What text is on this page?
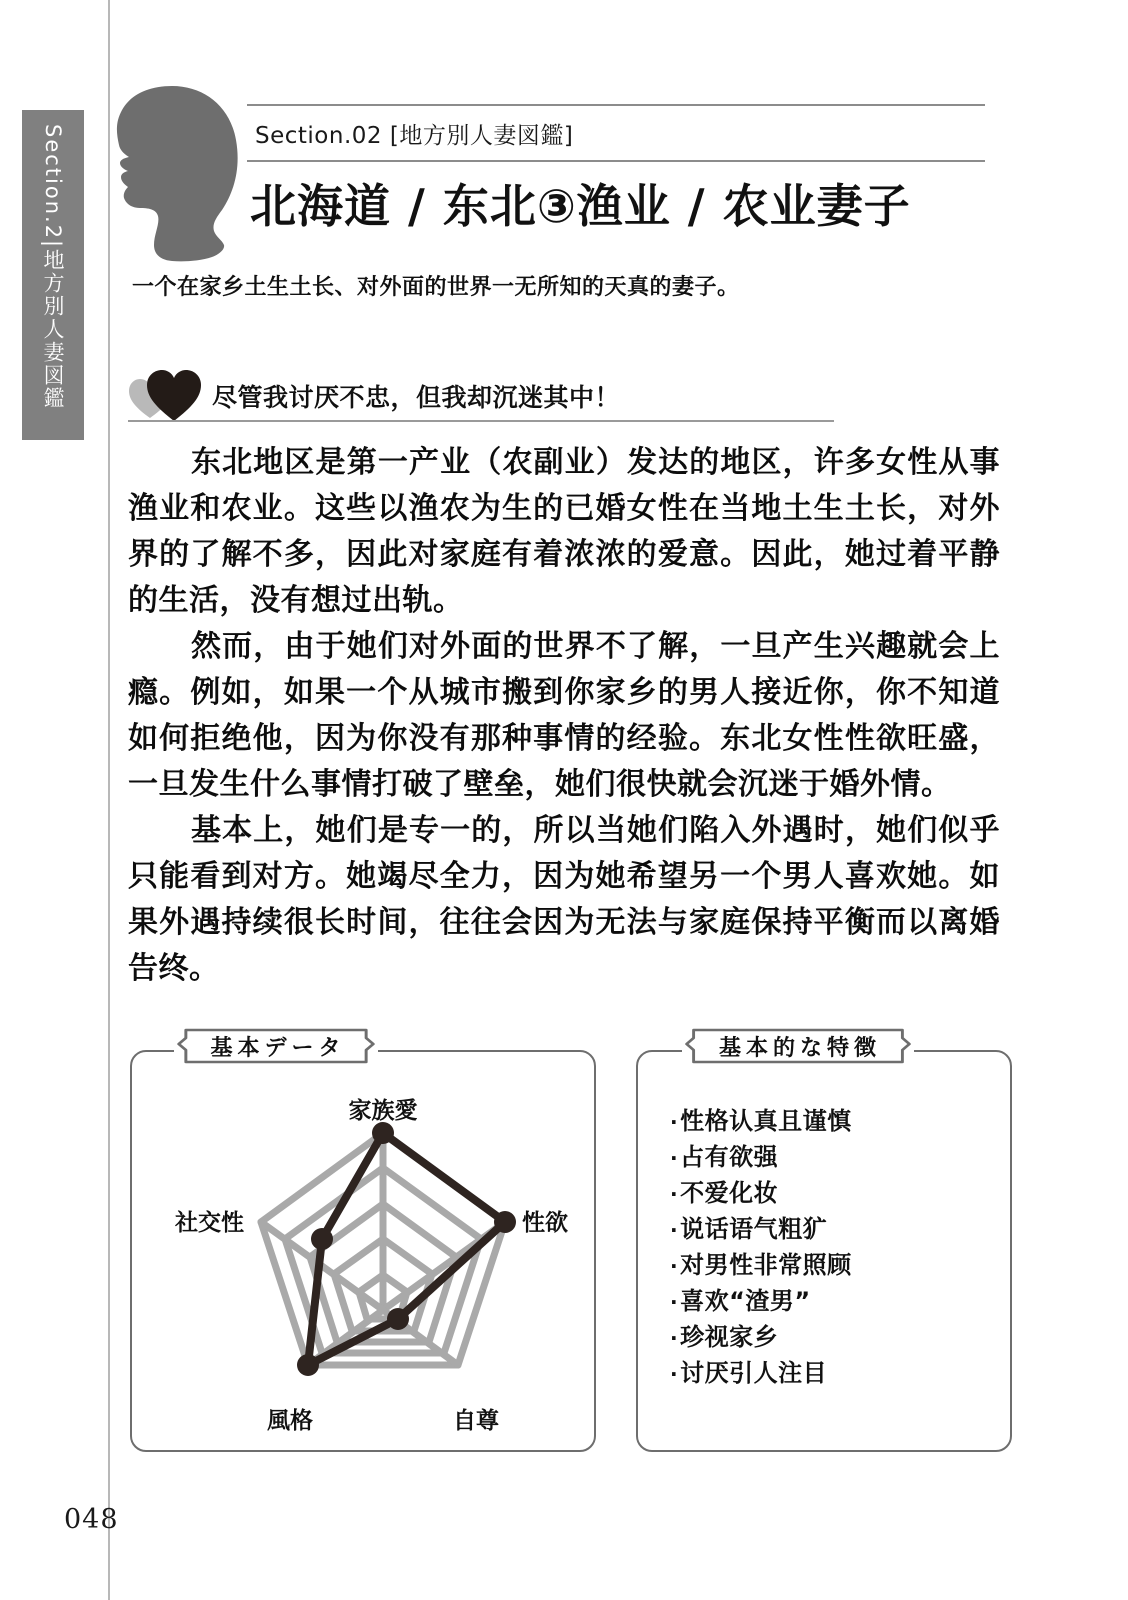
Section.2|地方別人妻図鑑
Section.02 [地方別人妻図鑑]
北海道 / 东北③渔业 / 农业妻子
一个在家乡土生土长、对外面的世界一无所知的天真的妻子。
尽管我讨厌不忠，但我却沉迷其中！

东北地区是第一产业（农副业）发达的地区，许多女性从事渔业和农业。这些以渔农为生的已婚女性在当地土生土长，对外界的了解不多，因此对家庭有着浓浓的爱意。因此，她过着平静的生活，没有想过出轨。

然而，由于她们对外面的世界不了解，一旦产生兴趣就会上瘾。例如，如果一个从城市搬到你家乡的男人接近你，你不知道如何拒绝他，因为你没有那种事情的经验。东北女性性欲旺盛，一旦发生什么事情打破了壁垒，她们很快就会沉迷于婚外情。

基本上，她们是专一的，所以当她们陷入外遇时，她们似乎只能看到对方。她竭尽全力，因为她希望另一个男人喜欢她。如果外遇持续很长时间，往往会因为无法与家庭保持平衡而以离婚告终。

家族愛
性欲
自尊
風格
社交性
基本データ	基本的な特徴
·性格认真且谨慎
·占有欲强
·不爱化妆
·说话语气粗犷
·对男性非常照顾
·喜欢“渣男”
·珍视家乡
·讨厌引人注目
048
